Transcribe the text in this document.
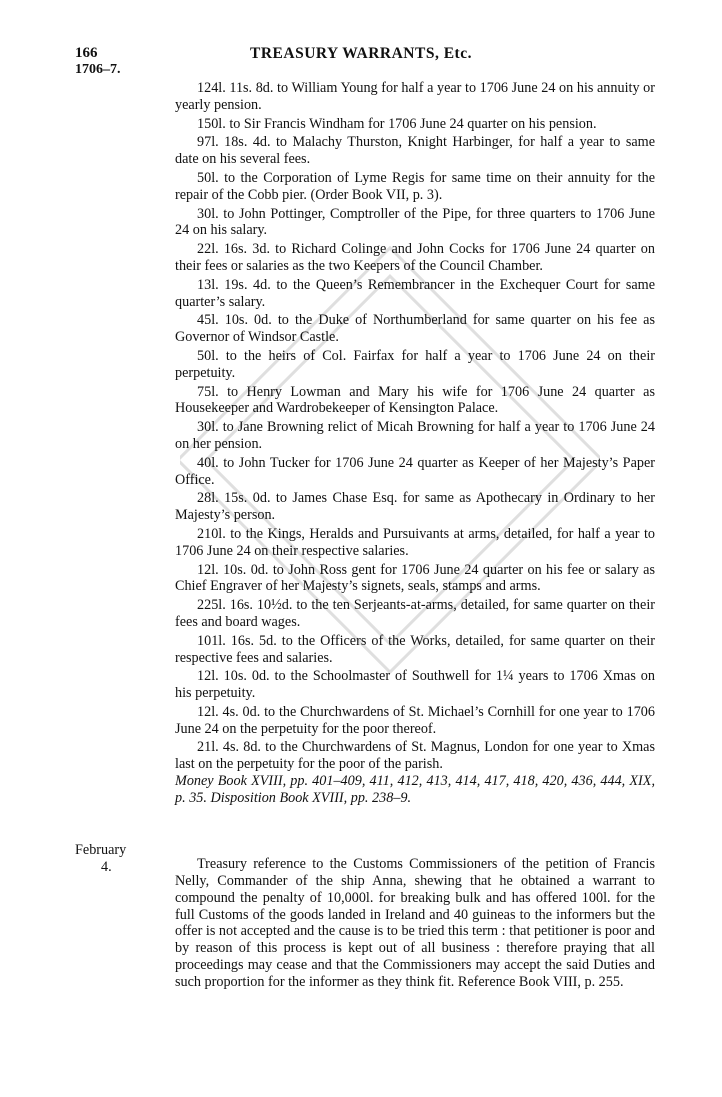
166	TREASURY WARRANTS, Etc.
1706–7.

124l. 11s. 8d. to William Young for half a year to 1706 June 24 on his annuity or yearly pension.

150l. to Sir Francis Windham for 1706 June 24 quarter on his pension.

97l. 18s. 4d. to Malachy Thurston, Knight Harbinger, for half a year to same date on his several fees.

50l. to the Corporation of Lyme Regis for same time on their annuity for the repair of the Cobb pier. (Order Book VII, p. 3).

30l. to John Pottinger, Comptroller of the Pipe, for three quarters to 1706 June 24 on his salary.

22l. 16s. 3d. to Richard Colinge and John Cocks for 1706 June 24 quarter on their fees or salaries as the two Keepers of the Council Chamber.

13l. 19s. 4d. to the Queen’s Remembrancer in the Exchequer Court for same quarter’s salary.

45l. 10s. 0d. to the Duke of Northumberland for same quarter on his fee as Governor of Windsor Castle.

50l. to the heirs of Col. Fairfax for half a year to 1706 June 24 on their perpetuity.

75l. to Henry Lowman and Mary his wife for 1706 June 24 quarter as Housekeeper and Wardrobekeeper of Kensington Palace.

30l. to Jane Browning relict of Micah Browning for half a year to 1706 June 24 on her pension.

40l. to John Tucker for 1706 June 24 quarter as Keeper of her Majesty’s Paper Office.

28l. 15s. 0d. to James Chase Esq. for same as Apothecary in Ordinary to her Majesty’s person.

210l. to the Kings, Heralds and Pursuivants at arms, detailed, for half a year to 1706 June 24 on their respective salaries.

12l. 10s. 0d. to John Ross gent for 1706 June 24 quarter on his fee or salary as Chief Engraver of her Majesty’s signets, seals, stamps and arms.

225l. 16s. 10½d. to the ten Serjeants-at-arms, detailed, for same quarter on their fees and board wages.

101l. 16s. 5d. to the Officers of the Works, detailed, for same quarter on their respective fees and salaries.

12l. 10s. 0d. to the Schoolmaster of Southwell for 1¼ years to 1706 Xmas on his perpetuity.

12l. 4s. 0d. to the Churchwardens of St. Michael’s Cornhill for one year to 1706 June 24 on the perpetuity for the poor thereof.

21l. 4s. 8d. to the Churchwardens of St. Magnus, London for one year to Xmas last on the perpetuity for the poor of the parish.

Money Book XVIII, pp. 401–409, 411, 412, 413, 414, 417, 418, 420, 436, 444, XIX, p. 35. Disposition Book XVIII, pp. 238–9.

February
4.	Treasury reference to the Customs Commissioners of the petition of Francis Nelly, Commander of the ship Anna, shewing that he obtained a warrant to compound the penalty of 10,000l. for breaking bulk and has offered 100l. for the full Customs of the goods landed in Ireland and 40 guineas to the informers but the offer is not accepted and the cause is to be tried this term : that petitioner is poor and by reason of this process is kept out of all business : therefore praying that all proceedings may cease and that the Commissioners may accept the said Duties and such proportion for the informer as they think fit. Reference Book VIII, p. 255.
